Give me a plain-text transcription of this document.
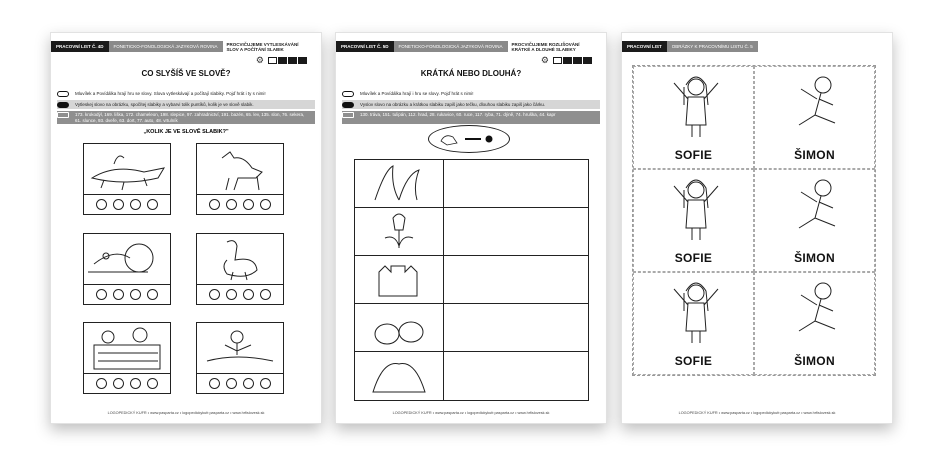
PRACOVNÍ LIST Č. 4D	FONETICKO-FONOLOGICKÁ JAZYKOVÁ ROVINA	PROCVIČUJEME VYTLESKÁVÁNÍ SLOV A POČÍTÁNÍ SLABIK
⚙
CO SLYŠÍŠ VE SLOVĚ?
Mluvílek a Povídálka hrají hru se slovy. Slova vytleskávají a počítají slabiky. Pojď hrát i ty s nimi!
Vytleskej slovo na obrázku, spočítej slabiky a vybarvi tolik puntíků, kolik je ve slově slabik.
173. krokodýl, 169. liška, 172. chameleon, 198. slepice, 97. zahradnictví, 191. bazén, 65. lev, 135. slon, 76. sekera, 61. slunce, 93. dveře, 63. dort, 77. auto, 48. vrtulník
„KOLIK JE VE SLOVĚ SLABIK?"
LOGOPEDICKÝ KUFR • www.pasparta.cz • logopedickykufr.pasparta.cz • www.hrfislovesk.sk
PRACOVNÍ LIST Č. 5D	FONETICKO-FONOLOGICKÁ JAZYKOVÁ ROVINA	PROCVIČUJEME ROZLIŠOVÁNÍ KRÁTKÉ A DLOUHÉ SLABIKY
⚙
KRÁTKÁ NEBO DLOUHÁ?
Mluvílek a Povídálka hrají i hru se slovy. Pojď hrát s nimi!
Vyslov slovo na obrázku a krátkou slabiku zapiš jako tečku, dlouhou slabiku zapiš jako čárku.
130. tráva, 151. tulipán, 112. hrad, 28. rukavice, 60. ruce, 117. ryba, 71. dýně, 74. hruška, 44. kapr
LOGOPEDICKÝ KUFR • www.pasparta.cz • logopedickykufr.pasparta.cz • www.hrfislovesk.sk
PRACOVNÍ LIST	OBRÁZKY K PRACOVNÍMU LISTU Č. 5
SOFIE	ŠIMON
SOFIE	ŠIMON
SOFIE	ŠIMON
LOGOPEDICKÝ KUFR • www.pasparta.cz • logopedickykufr.pasparta.cz • www.hrfislovesk.sk
